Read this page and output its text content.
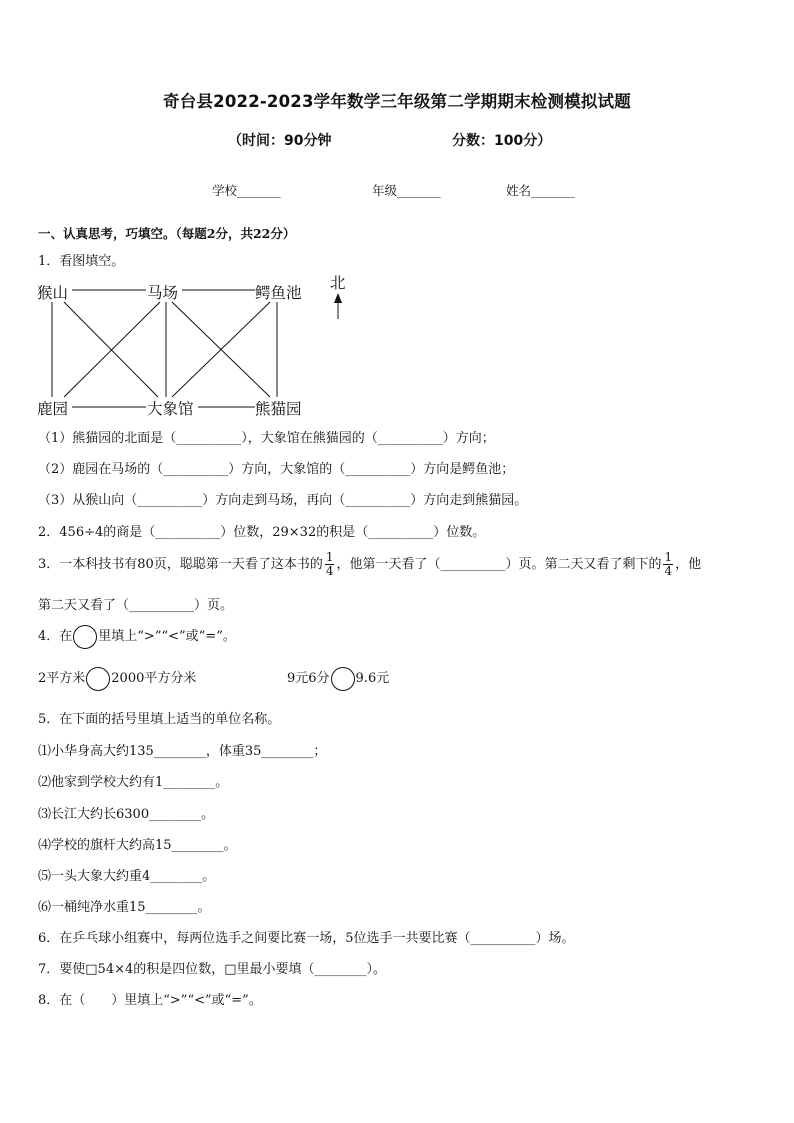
奇台县2022-2023学年数学三年级第二学期期末检测模拟试题
（时间：90分钟	分数：100分）
学校_______	年级_______	姓名_______
一、认真思考，巧填空。（每题2分，共22分）
1．看图填空。
猴山	马场	鳄鱼池
鹿园	大象馆	熊猫园
北
（1）熊猫园的北面是（__________），大象馆在熊猫园的（__________）方向；
（2）鹿园在马场的（__________）方向，大象馆的（__________）方向是鳄鱼池；
（3）从猴山向（__________）方向走到马场，再向（__________）方向走到熊猫园。
2．456÷4的商是（__________）位数，29×32的积是（__________）位数。
3．一本科技书有80页，聪聪第一天看了这本书的 $\frac{1}{4}$ ，他第一天看了（__________）页。第二天又看了剩下的 $\frac{1}{4}$ ，他
第二天又看了（__________）页。
4．在 里填上“>”“<”或“=”。
2平方米 2000平方分米	9元6分 9.6元
5．在下面的括号里填上适当的单位名称。
⑴小华身高大约135________，体重35________；
⑵他家到学校大约有1________。
⑶长江大约长6300________。
⑷学校的旗杆大约高15________。
⑸一头大象大约重4________。
⑹一桶纯净水重15________。
6．在乒乓球小组赛中，每两位选手之间要比赛一场，5位选手一共要比赛（__________）场。
7．要使□54×4的积是四位数，□里最小要填（________）。
8．在（　　）里填上“>”“<”或“=”。
